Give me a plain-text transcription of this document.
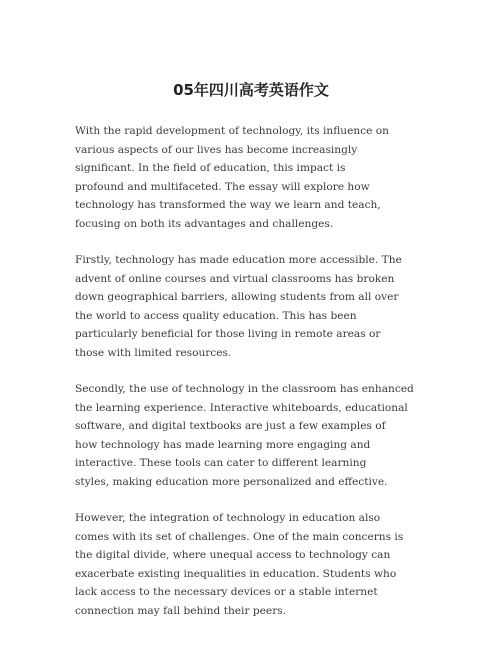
05年四川高考英语作文

With the rapid development of technology, its influence on
various aspects of our lives has become increasingly
significant. In the field of education, this impact is
profound and multifaceted. The essay will explore how
technology has transformed the way we learn and teach,
focusing on both its advantages and challenges.

Firstly, technology has made education more accessible. The
advent of online courses and virtual classrooms has broken
down geographical barriers, allowing students from all over
the world to access quality education. This has been
particularly beneficial for those living in remote areas or
those with limited resources.

Secondly, the use of technology in the classroom has enhanced
the learning experience. Interactive whiteboards, educational
software, and digital textbooks are just a few examples of
how technology has made learning more engaging and
interactive. These tools can cater to different learning
styles, making education more personalized and effective.

However, the integration of technology in education also
comes with its set of challenges. One of the main concerns is
the digital divide, where unequal access to technology can
exacerbate existing inequalities in education. Students who
lack access to the necessary devices or a stable internet
connection may fall behind their peers.
